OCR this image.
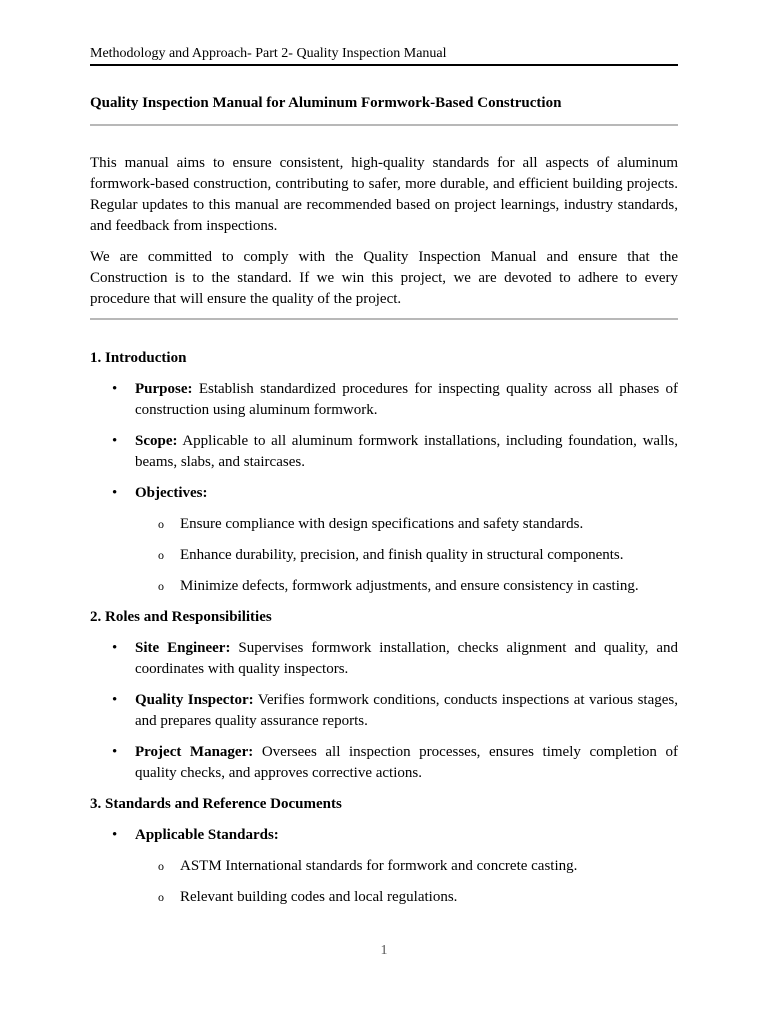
Methodology and Approach- Part 2- Quality Inspection Manual
Quality Inspection Manual for Aluminum Formwork-Based Construction

This manual aims to ensure consistent, high-quality standards for all aspects of aluminum formwork-based construction, contributing to safer, more durable, and efficient building projects. Regular updates to this manual are recommended based on project learnings, industry standards, and feedback from inspections.

We are committed to comply with the Quality Inspection Manual and ensure that the Construction is to the standard. If we win this project, we are devoted to adhere to every procedure that will ensure the quality of the project.

1. Introduction
• Purpose: Establish standardized procedures for inspecting quality across all phases of construction using aluminum formwork.
• Scope: Applicable to all aluminum formwork installations, including foundation, walls, beams, slabs, and staircases.
• Objectives:
o Ensure compliance with design specifications and safety standards.
o Enhance durability, precision, and finish quality in structural components.
o Minimize defects, formwork adjustments, and ensure consistency in casting.
2. Roles and Responsibilities
• Site Engineer: Supervises formwork installation, checks alignment and quality, and coordinates with quality inspectors.
• Quality Inspector: Verifies formwork conditions, conducts inspections at various stages, and prepares quality assurance reports.
• Project Manager: Oversees all inspection processes, ensures timely completion of quality checks, and approves corrective actions.
3. Standards and Reference Documents
• Applicable Standards:
o ASTM International standards for formwork and concrete casting.
o Relevant building codes and local regulations.
1
